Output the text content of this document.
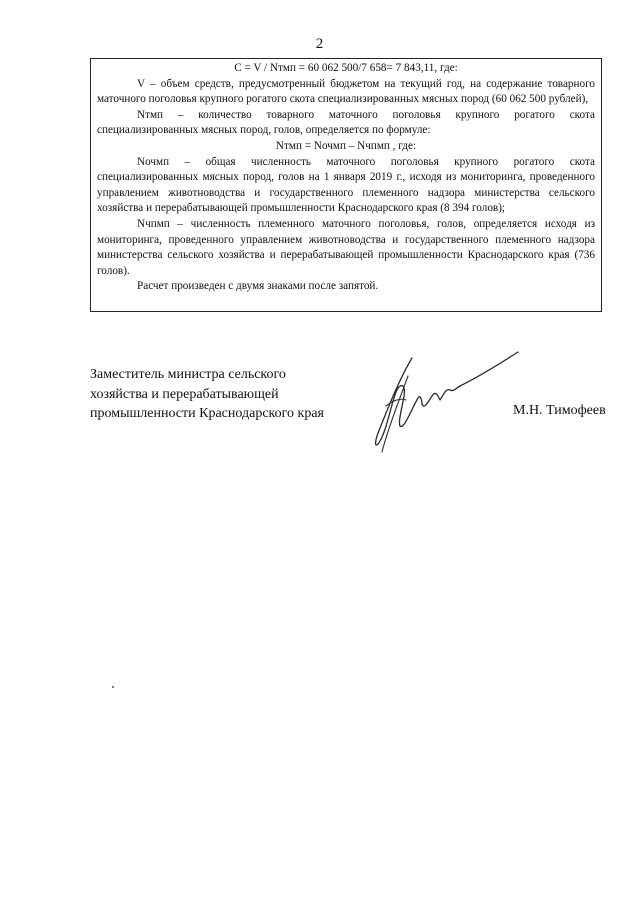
2

C = V / Nтмп = 60 062 500/7 658= 7 843,11, где:

V – объем средств, предусмотренный бюджетом на текущий год, на содержание товарного маточного поголовья крупного рогатого скота специализированных мясных пород (60 062 500 рублей),

Nтмп – количество товарного маточного поголовья крупного рогатого скота специализированных мясных пород, голов, определяется по формуле:

Nтмп = Nочмп – Nчпмп , где:

Nочмп – общая численность маточного поголовья крупного рогатого скота специализированных мясных пород, голов на 1 января 2019 г., исходя из мониторинга, проведенного управлением животноводства и государственного племенного надзора министерства сельского хозяйства и перерабатывающей промышленности Краснодарского края (8 394 голов);

Nчпмп – численность племенного маточного поголовья, голов, определяется исходя из мониторинга, проведенного управлением животноводства и государственного племенного надзора министерства сельского хозяйства и перерабатывающей промышленности Краснодарского края (736 голов).

Расчет произведен с двумя знаками после запятой.

Заместитель министра сельского
хозяйства и перерабатывающей
промышленности Краснодарского края	М.Н. Тимофеев
